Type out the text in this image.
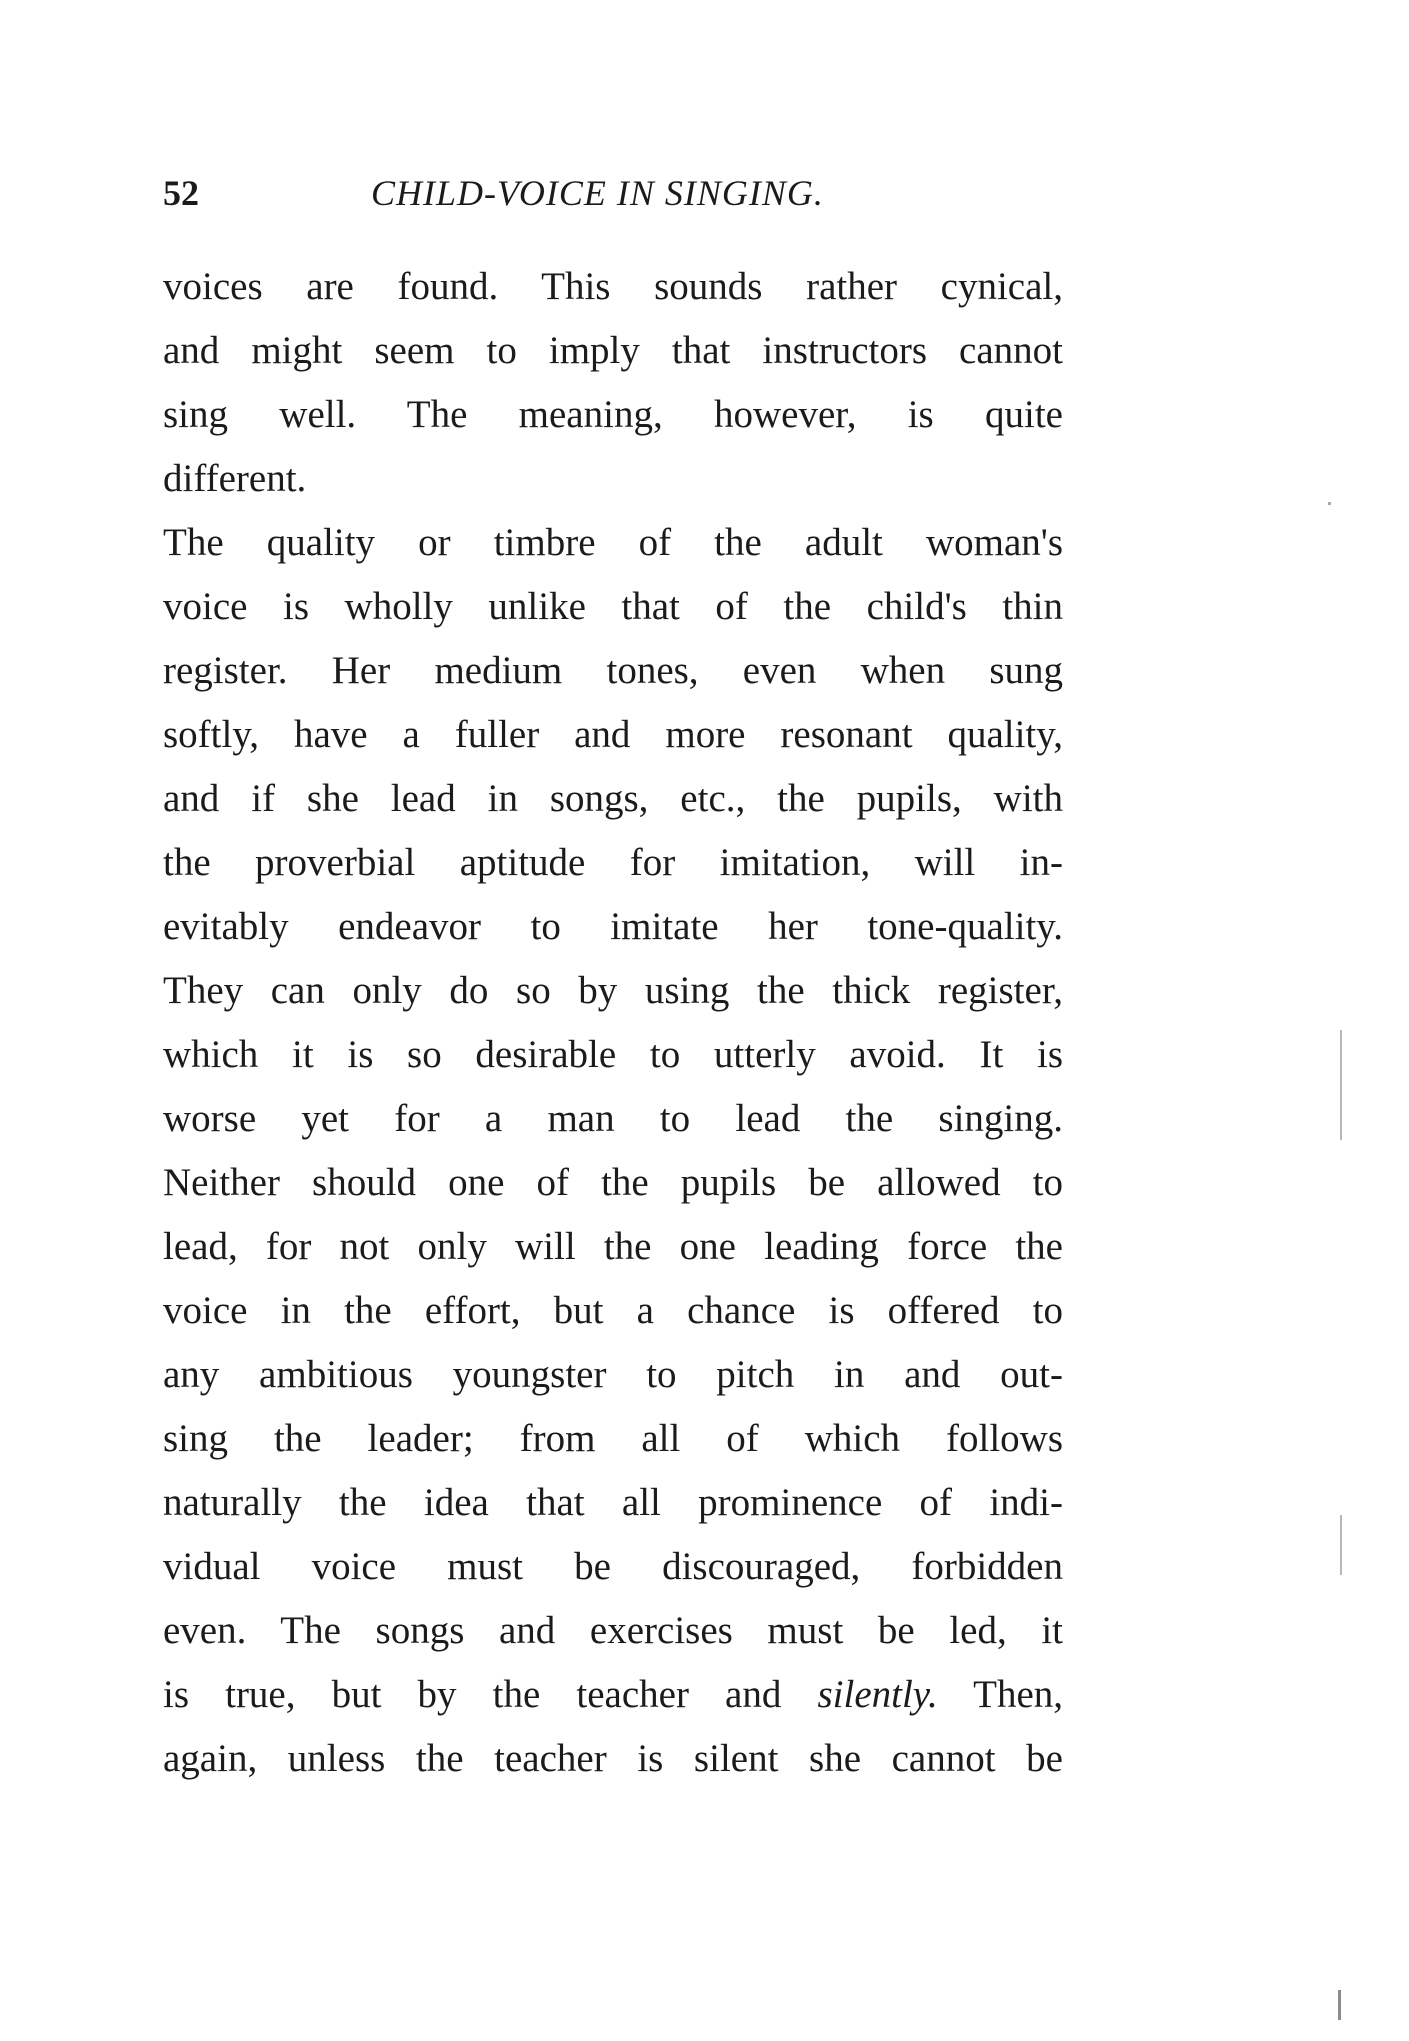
52	CHILD-VOICE IN SINGING.
voices are found. This sounds rather cynical,
and might seem to imply that instructors cannot
sing well. The meaning, however, is quite
different.
The quality or timbre of the adult woman's
voice is wholly unlike that of the child's thin
register. Her medium tones, even when sung
softly, have a fuller and more resonant quality,
and if she lead in songs, etc., the pupils, with
the proverbial aptitude for imitation, will in-
evitably endeavor to imitate her tone-quality.
They can only do so by using the thick register,
which it is so desirable to utterly avoid. It is
worse yet for a man to lead the singing.
Neither should one of the pupils be allowed to
lead, for not only will the one leading force the
voice in the effort, but a chance is offered to
any ambitious youngster to pitch in and out-
sing the leader; from all of which follows
naturally the idea that all prominence of indi-
vidual voice must be discouraged, forbidden
even. The songs and exercises must be led, it
is true, but by the teacher and silently. Then,
again, unless the teacher is silent she cannot be
